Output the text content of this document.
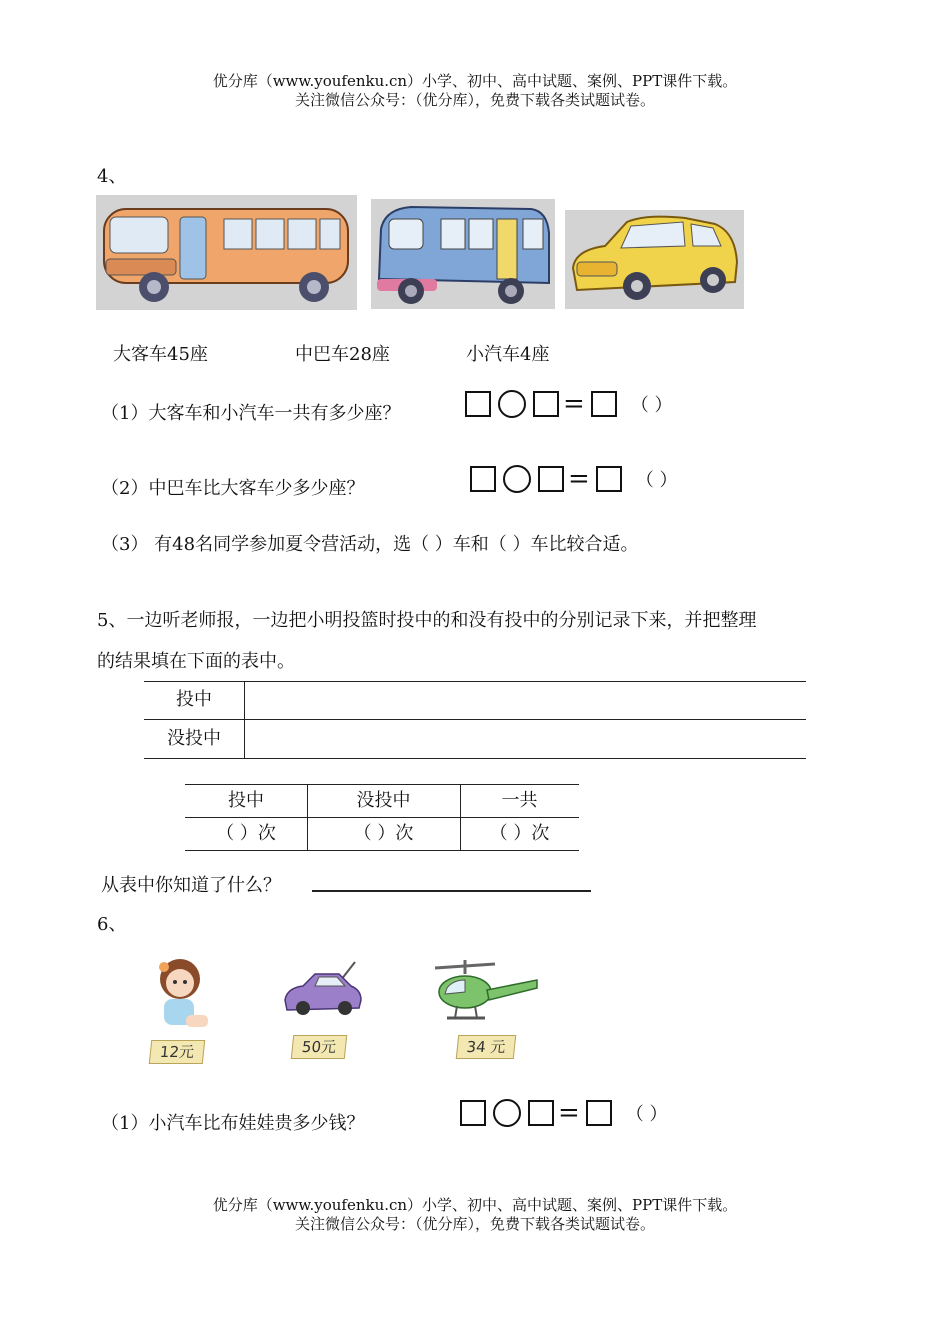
优分库（www.youfenku.cn）小学、初中、高中试题、案例、PPT课件下载。
关注微信公众号：（优分库），免费下载各类试题试卷。
4、
大客车45座	中巴车28座	小汽车4座
（1）大客车和小汽车一共有多少座？	=	（ ）
（2）中巴车比大客车少多少座？	=	（ ）
（3） 有48名同学参加夏令营活动，选（ ）车和（ ）车比较合适。
5、一边听老师报，一边把小明投篮时投中的和没有投中的分别记录下来，并把整理
的结果填在下面的表中。
投中
没投中
投中	没投中	一共
（ ）次	（ ）次	（ ）次
从表中你知道了什么？
6、
12元	50元	34 元
（1）小汽车比布娃娃贵多少钱？	=	（ ）
优分库（www.youfenku.cn）小学、初中、高中试题、案例、PPT课件下载。
关注微信公众号：（优分库），免费下载各类试题试卷。
